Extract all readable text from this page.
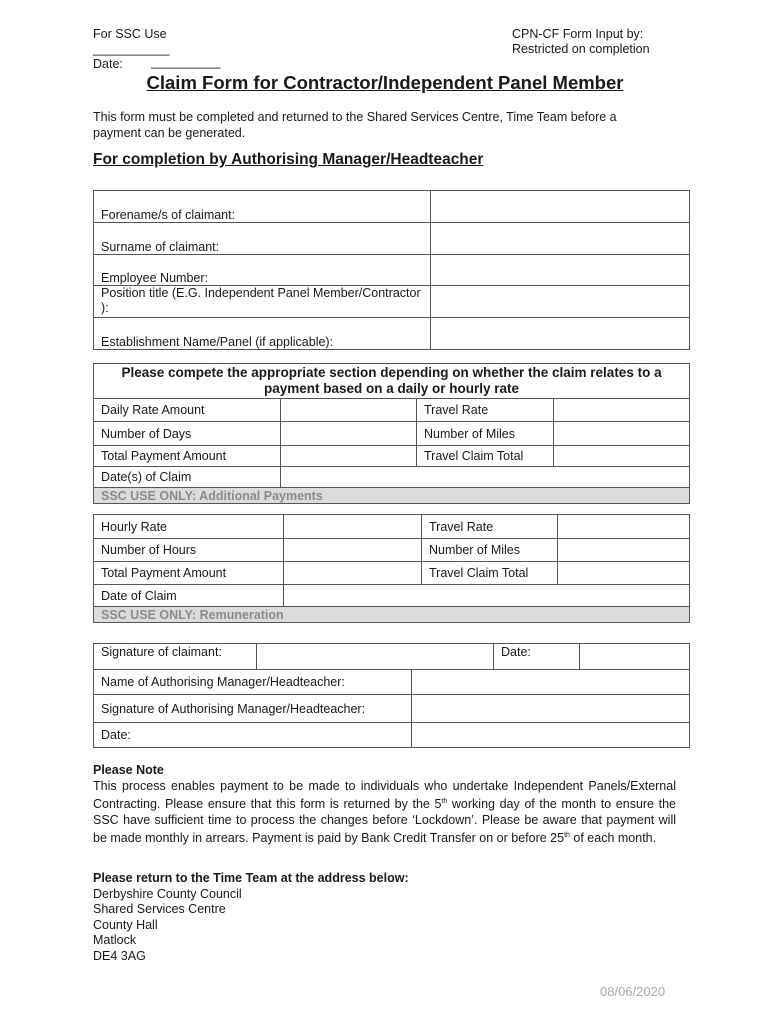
For SSC Use
___________
Date: __________
CPN-CF Form Input by:
Restricted on completion
Claim Form for Contractor/Independent Panel Member
This form must be completed and returned to the Shared Services Centre, Time Team before a payment can be generated.
For completion by Authorising Manager/Headteacher
Forename/s of claimant:	
Surname of claimant:	
Employee Number:	
Position title (E.G. Independent Panel Member/Contractor ):	
Establishment Name/Panel (if applicable):	
Please compete the appropriate section depending on whether the claim relates to a payment based on a daily or hourly rate			
Daily Rate Amount		Travel Rate	
Number of Days		Number of Miles	
Total Payment Amount		Travel Claim Total	
Date(s) of Claim			
SSC USE ONLY: Additional Payments			
Hourly Rate		Travel Rate	
Number of Hours		Number of Miles	
Total Payment Amount		Travel Claim Total	
Date of Claim			
SSC USE ONLY: Remuneration			
Signature of claimant:			Date:	
Name of Authorising Manager/Headteacher:				
Signature of Authorising Manager/Headteacher:				
Date:				

Please Note

This process enables payment to be made to individuals who undertake Independent Panels/External Contracting. Please ensure that this form is returned by the 5th working day of the month to ensure the SSC have sufficient time to process the changes before ‘Lockdown’. Please be aware that payment will be made monthly in arrears. Payment is paid by Bank Credit Transfer on or before 25th of each month.

Please return to the Time Team at the address below:
Derbyshire County Council
Shared Services Centre
County Hall
Matlock
DE4 3AG
08/06/2020
